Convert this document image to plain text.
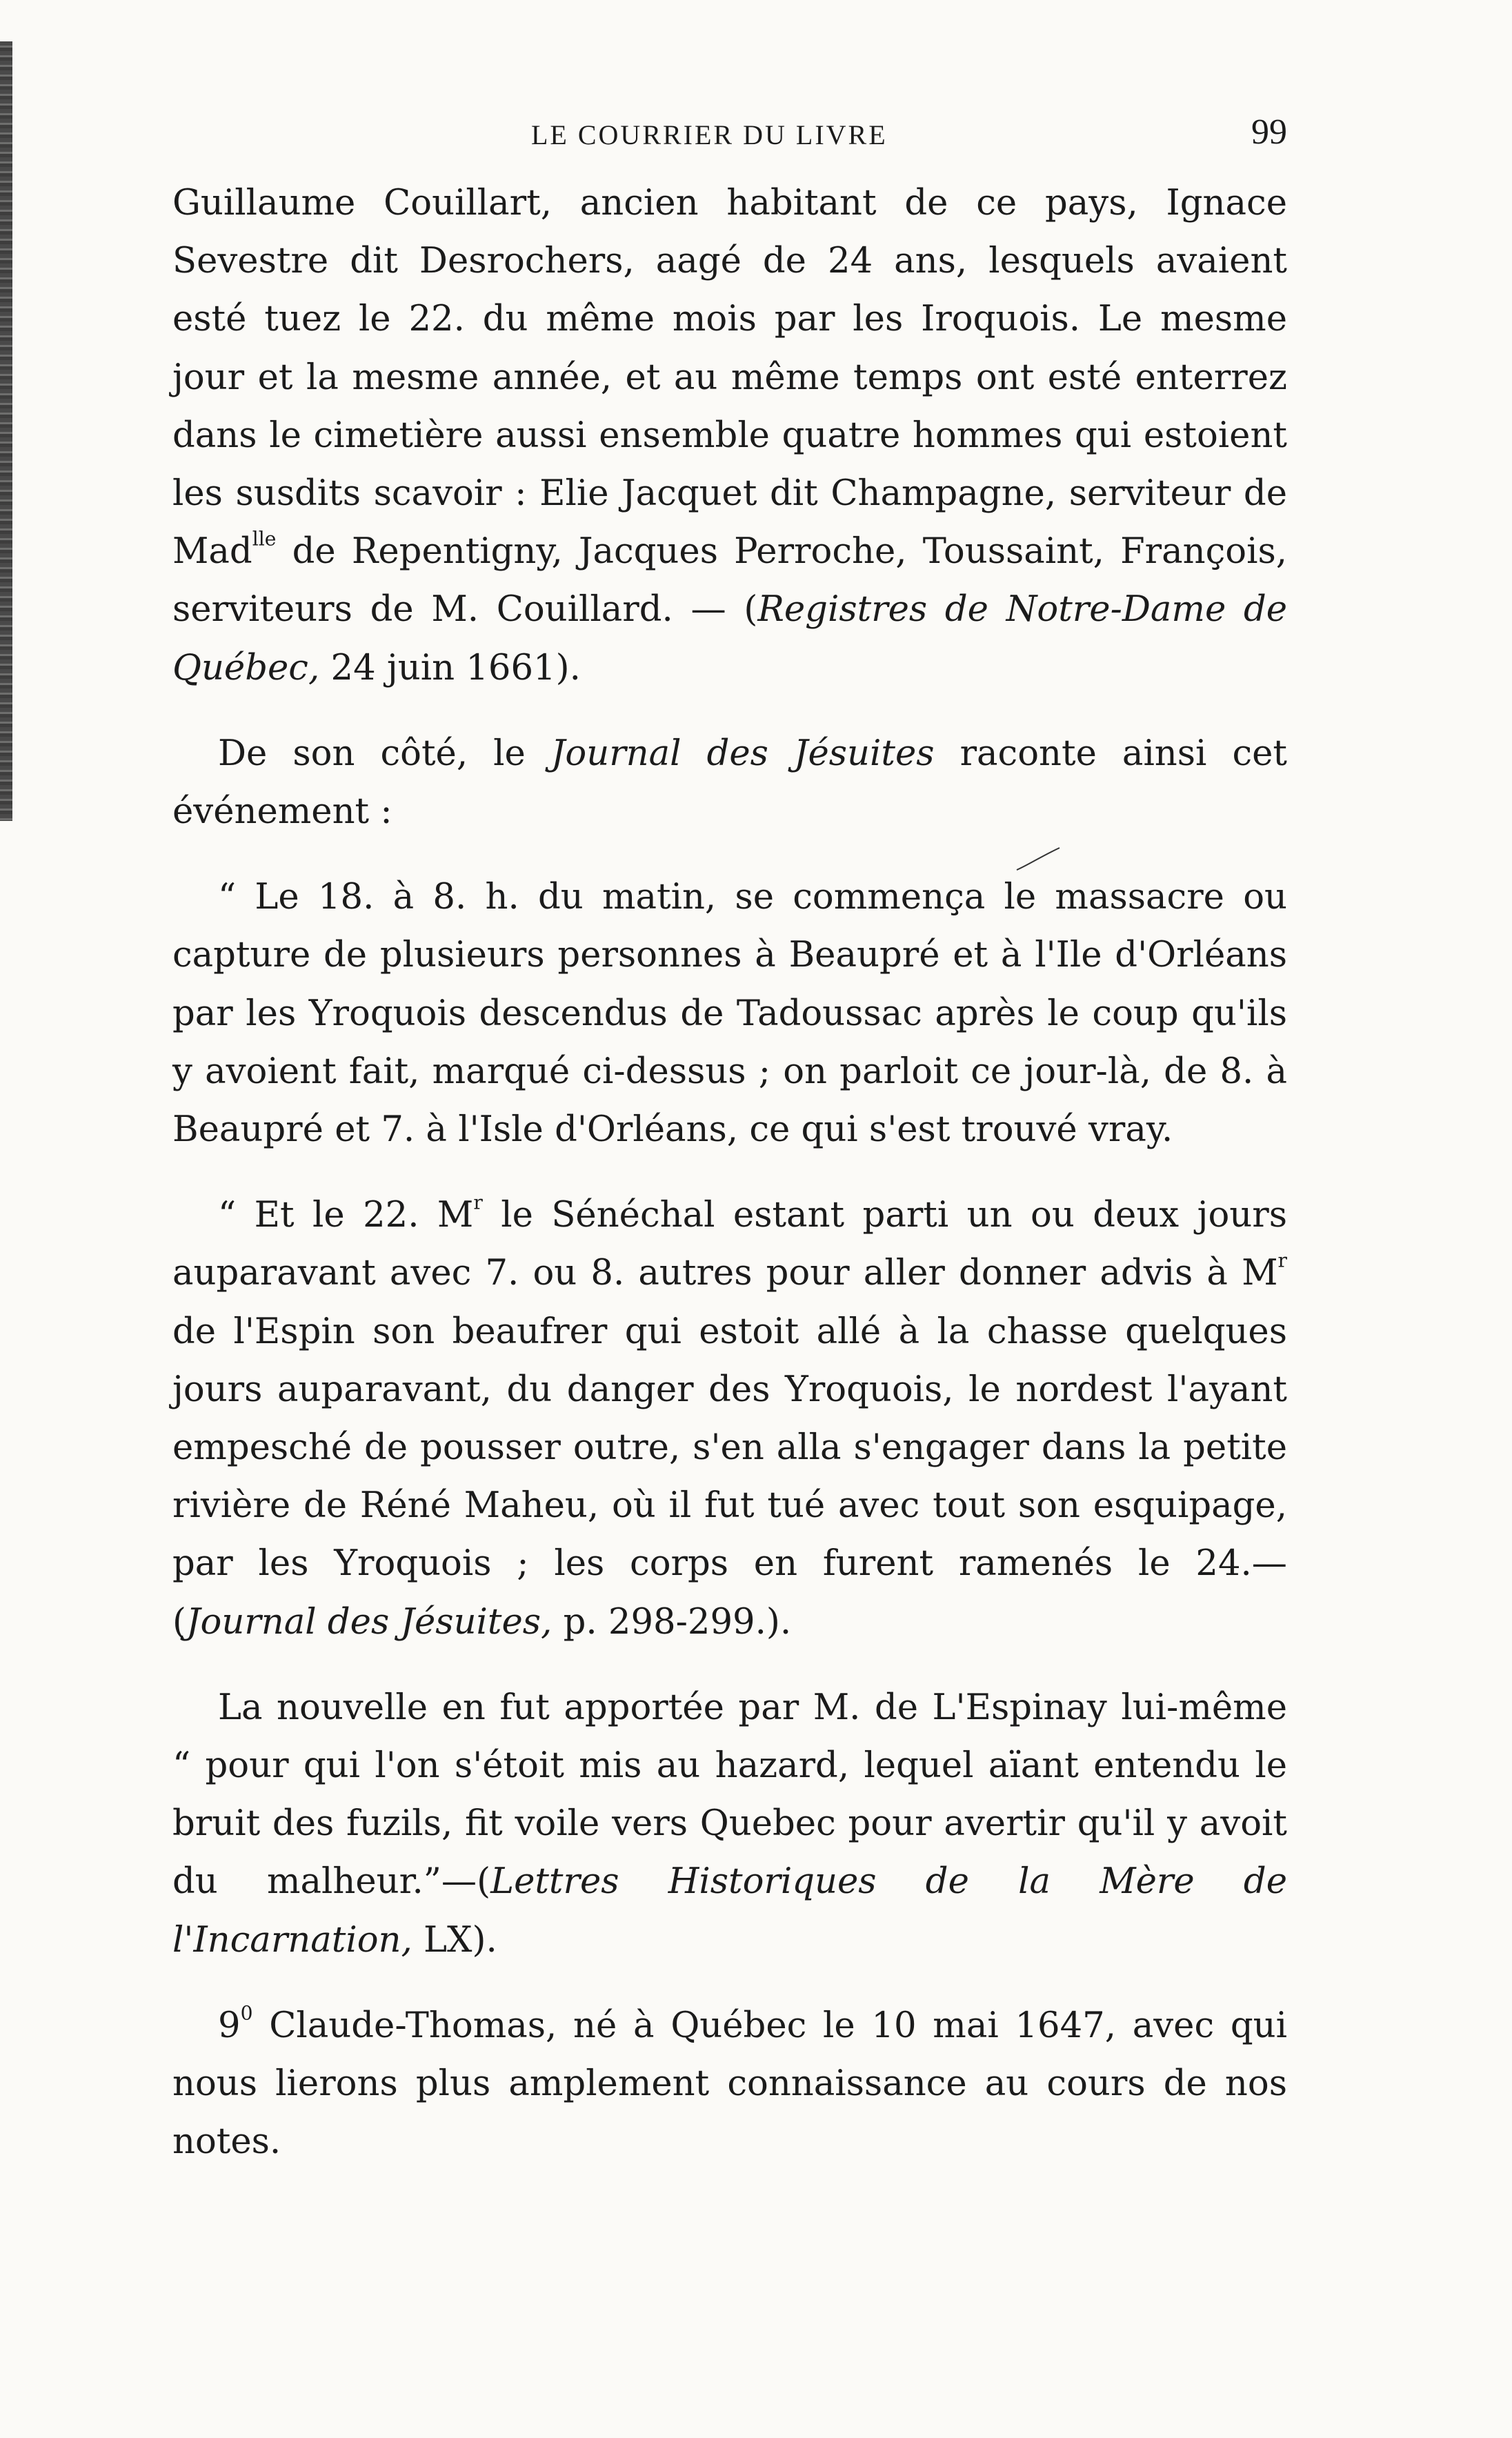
LE COURRIER DU LIVRE	99

Guillaume Couillart, ancien habitant de ce pays, Ignace Sevestre dit Desrochers, aagé de 24 ans, lesquels avaient esté tuez le 22. du même mois par les Iroquois. Le mesme jour et la mesme année, et au même temps ont esté enterrez dans le cimetière aussi ensemble quatre hommes qui estoient les susdits scavoir : Elie Jacquet dit Champagne, serviteur de Mad$^{lle}$ de Repentigny, Jacques Perroche, Toussaint, François, serviteurs de M. Couillard. — (Registres de Notre-Dame de Québec, 24 juin 1661).

De son côté, le Journal des Jésuites raconte ainsi cet événement :

“ Le 18. à 8. h. du matin, se commença le massacre ou capture de plusieurs personnes à Beaupré et à l'Ile d'Orléans par les Yroquois descendus de Tadoussac après le coup qu'ils y avoient fait, marqué ci-dessus ; on parloit ce jour-là, de 8. à Beaupré et 7. à l'Isle d'Orléans, ce qui s'est trouvé vray.

“ Et le 22. $M^r$ le Sénéchal estant parti un ou deux jours auparavant avec 7. ou 8. autres pour aller donner advis à $M^r$ de l'Espin son beaufrer qui estoit allé à la chasse quelques jours auparavant, du danger des Yroquois, le nordest l'ayant empesché de pousser outre, s'en alla s'engager dans la petite rivière de Réné Maheu, où il fut tué avec tout son esquipage, par les Yroquois ; les corps en furent ramenés le 24.—(Journal des Jésuites, p. 298-299.).

La nouvelle en fut apportée par M. de L'Espinay lui-même “ pour qui l'on s'étoit mis au hazard, lequel aïant entendu le bruit des fuzils, fit voile vers Quebec pour avertir qu'il y avoit du malheur.”—(Lettres Historiques de la Mère de l'Incarnation, LX).

$9^0$ Claude-Thomas, né à Québec le 10 mai 1647, avec qui nous lierons plus amplement connaissance au cours de nos notes.
